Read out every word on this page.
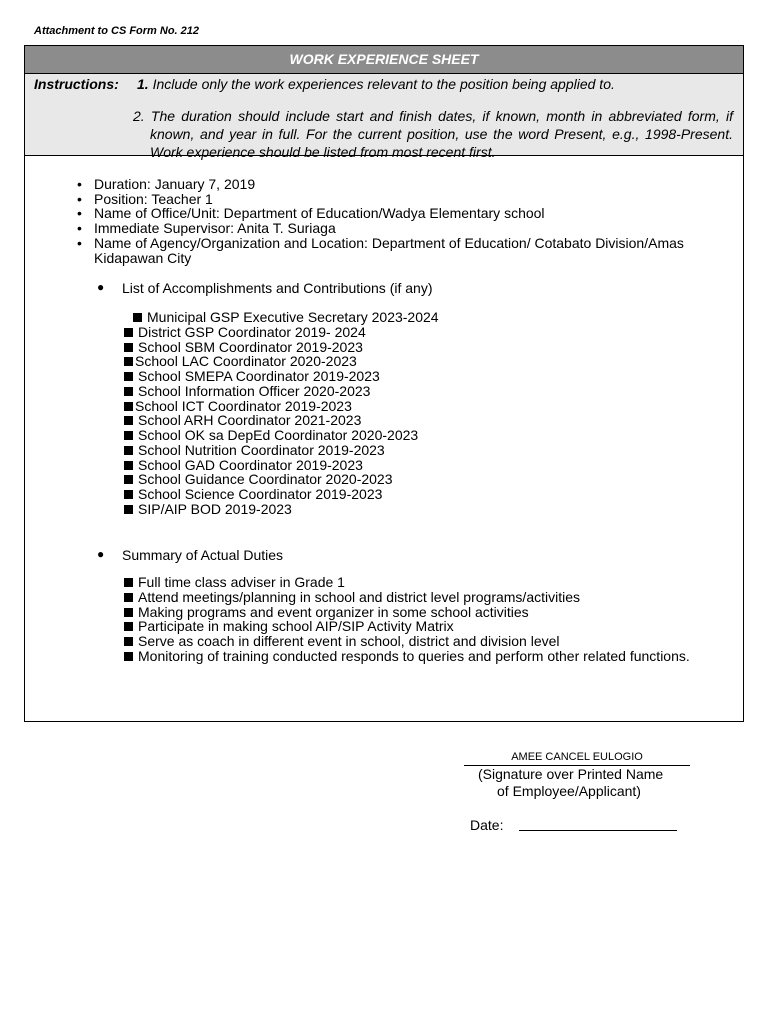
Attachment to CS Form No. 212
WORK EXPERIENCE SHEET
Instructions: 1. Include only the work experiences relevant to the position being applied to.
2. The duration should include start and finish dates, if known, month in abbreviated form, if known, and year in full. For the current position, use the word Present, e.g., 1998-Present. Work experience should be listed from most recent first.
• Duration: January 7, 2019
• Position: Teacher 1
• Name of Office/Unit: Department of Education/Wadya Elementary school
• Immediate Supervisor: Anita T. Suriaga
• Name of Agency/Organization and Location: Department of Education/ Cotabato Division/Amas Kidapawan City
● List of Accomplishments and Contributions (if any)
Municipal GSP Executive Secretary 2023-2024
District GSP Coordinator 2019- 2024
School SBM Coordinator 2019-2023
School LAC Coordinator 2020-2023
School SMEPA Coordinator 2019-2023
School Information Officer 2020-2023
School ICT Coordinator 2019-2023
School ARH Coordinator 2021-2023
School OK sa DepEd Coordinator 2020-2023
School Nutrition Coordinator 2019-2023
School GAD Coordinator 2019-2023
School Guidance Coordinator 2020-2023
School Science Coordinator 2019-2023
SIP/AIP BOD 2019-2023
● Summary of Actual Duties
Full time class adviser in Grade 1
Attend meetings/planning in school and district level programs/activities
Making programs and event organizer in some school activities
Participate in making school AIP/SIP Activity Matrix
Serve as coach in different event in school, district and division level
Monitoring of training conducted responds to queries and perform other related functions.
AMEE CANCEL EULOGIO
(Signature over Printed Name
of Employee/Applicant)
Date:
